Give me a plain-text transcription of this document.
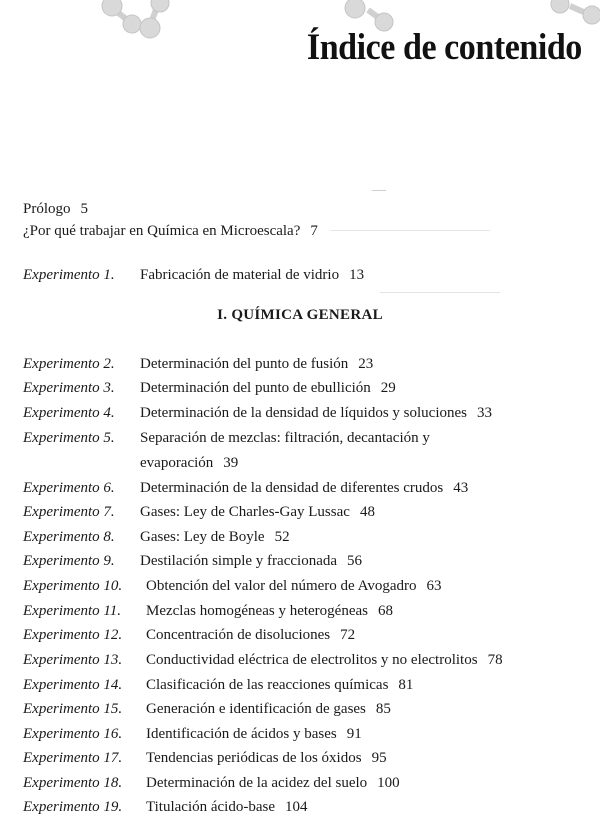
Índice de contenido
Prólogo 5
¿Por qué trabajar en Química en Microescala? 7
Experimento 1. Fabricación de material de vidrio 13
I. QUÍMICA GENERAL
Experimento 2. Determinación del punto de fusión 23
Experimento 3. Determinación del punto de ebullición 29
Experimento 4. Determinación de la densidad de líquidos y soluciones 33
Experimento 5. Separación de mezclas: filtración, decantación y
evaporación 39
Experimento 6. Determinación de la densidad de diferentes crudos 43
Experimento 7. Gases: Ley de Charles-Gay Lussac 48
Experimento 8. Gases: Ley de Boyle 52
Experimento 9. Destilación simple y fraccionada 56
Experimento 10. Obtención del valor del número de Avogadro 63
Experimento 11. Mezclas homogéneas y heterogéneas 68
Experimento 12. Concentración de disoluciones 72
Experimento 13. Conductividad eléctrica de electrolitos y no electrolitos 78
Experimento 14. Clasificación de las reacciones químicas 81
Experimento 15. Generación e identificación de gases 85
Experimento 16. Identificación de ácidos y bases 91
Experimento 17. Tendencias periódicas de los óxidos 95
Experimento 18. Determinación de la acidez del suelo 100
Experimento 19. Titulación ácido-base 104
